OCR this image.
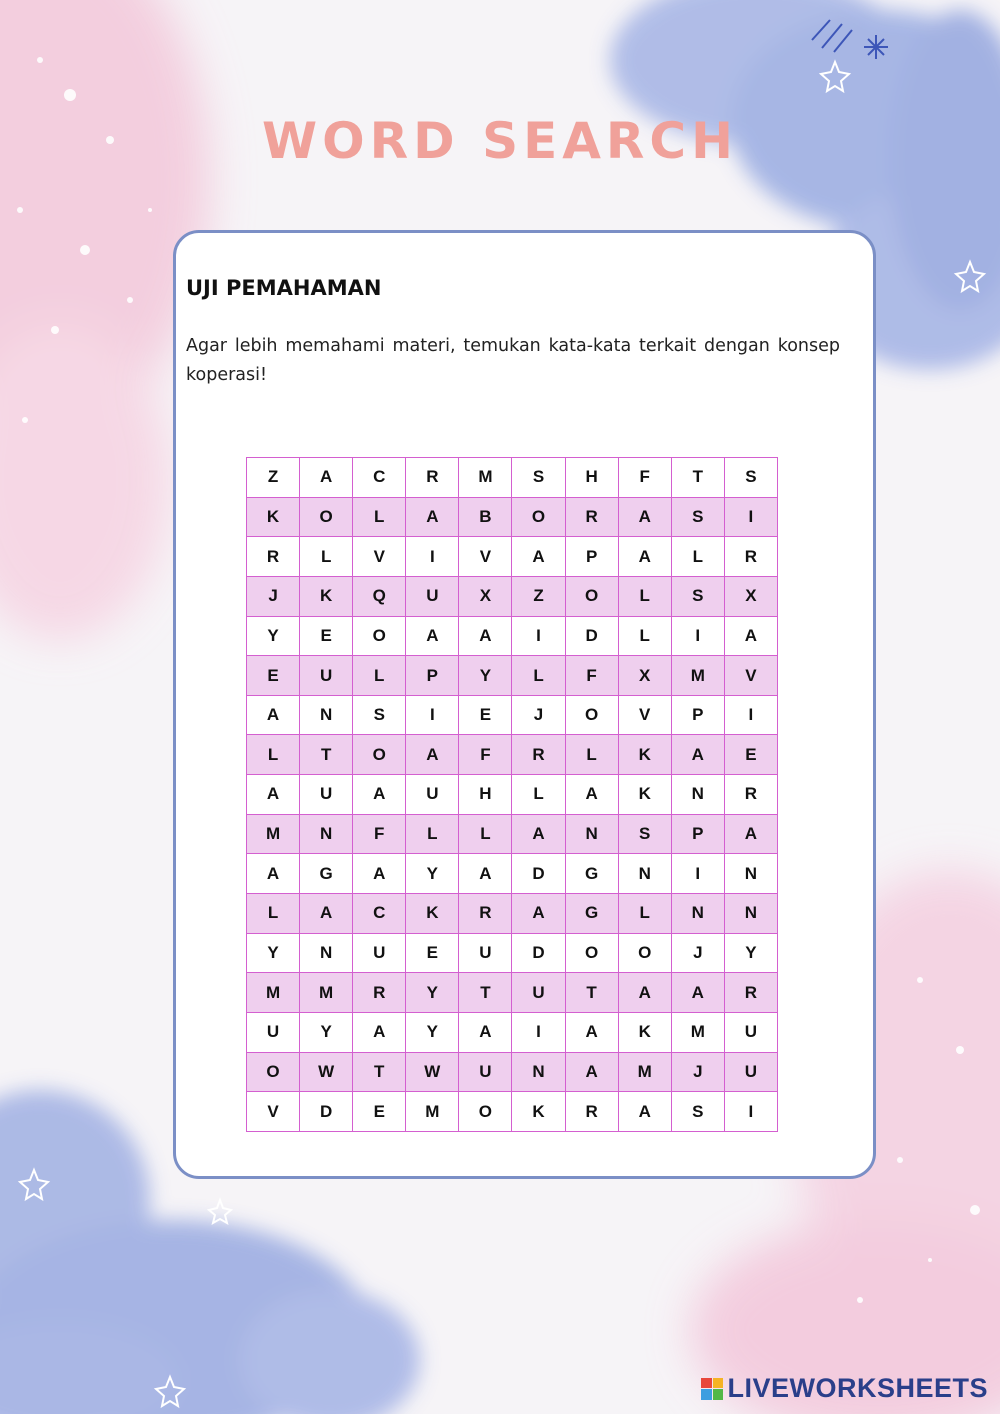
WORD SEARCH
UJI PEMAHAMAN
Agar lebih memahami materi, temukan kata-kata terkait dengan konsep koperasi!
Z	A	C	R	M	S	H	F	T	S
K	O	L	A	B	O	R	A	S	I
R	L	V	I	V	A	P	A	L	R
J	K	Q	U	X	Z	O	L	S	X
Y	E	O	A	A	I	D	L	I	A
E	U	L	P	Y	L	F	X	M	V
A	N	S	I	E	J	O	V	P	I
L	T	O	A	F	R	L	K	A	E
A	U	A	U	H	L	A	K	N	R
M	N	F	L	L	A	N	S	P	A
A	G	A	Y	A	D	G	N	I	N
L	A	C	K	R	A	G	L	N	N
Y	N	U	E	U	D	O	O	J	Y
M	M	R	Y	T	U	T	A	A	R
U	Y	A	Y	A	I	A	K	M	U
O	W	T	W	U	N	A	M	J	U
V	D	E	M	O	K	R	A	S	I
LIVEWORKSHEETS
